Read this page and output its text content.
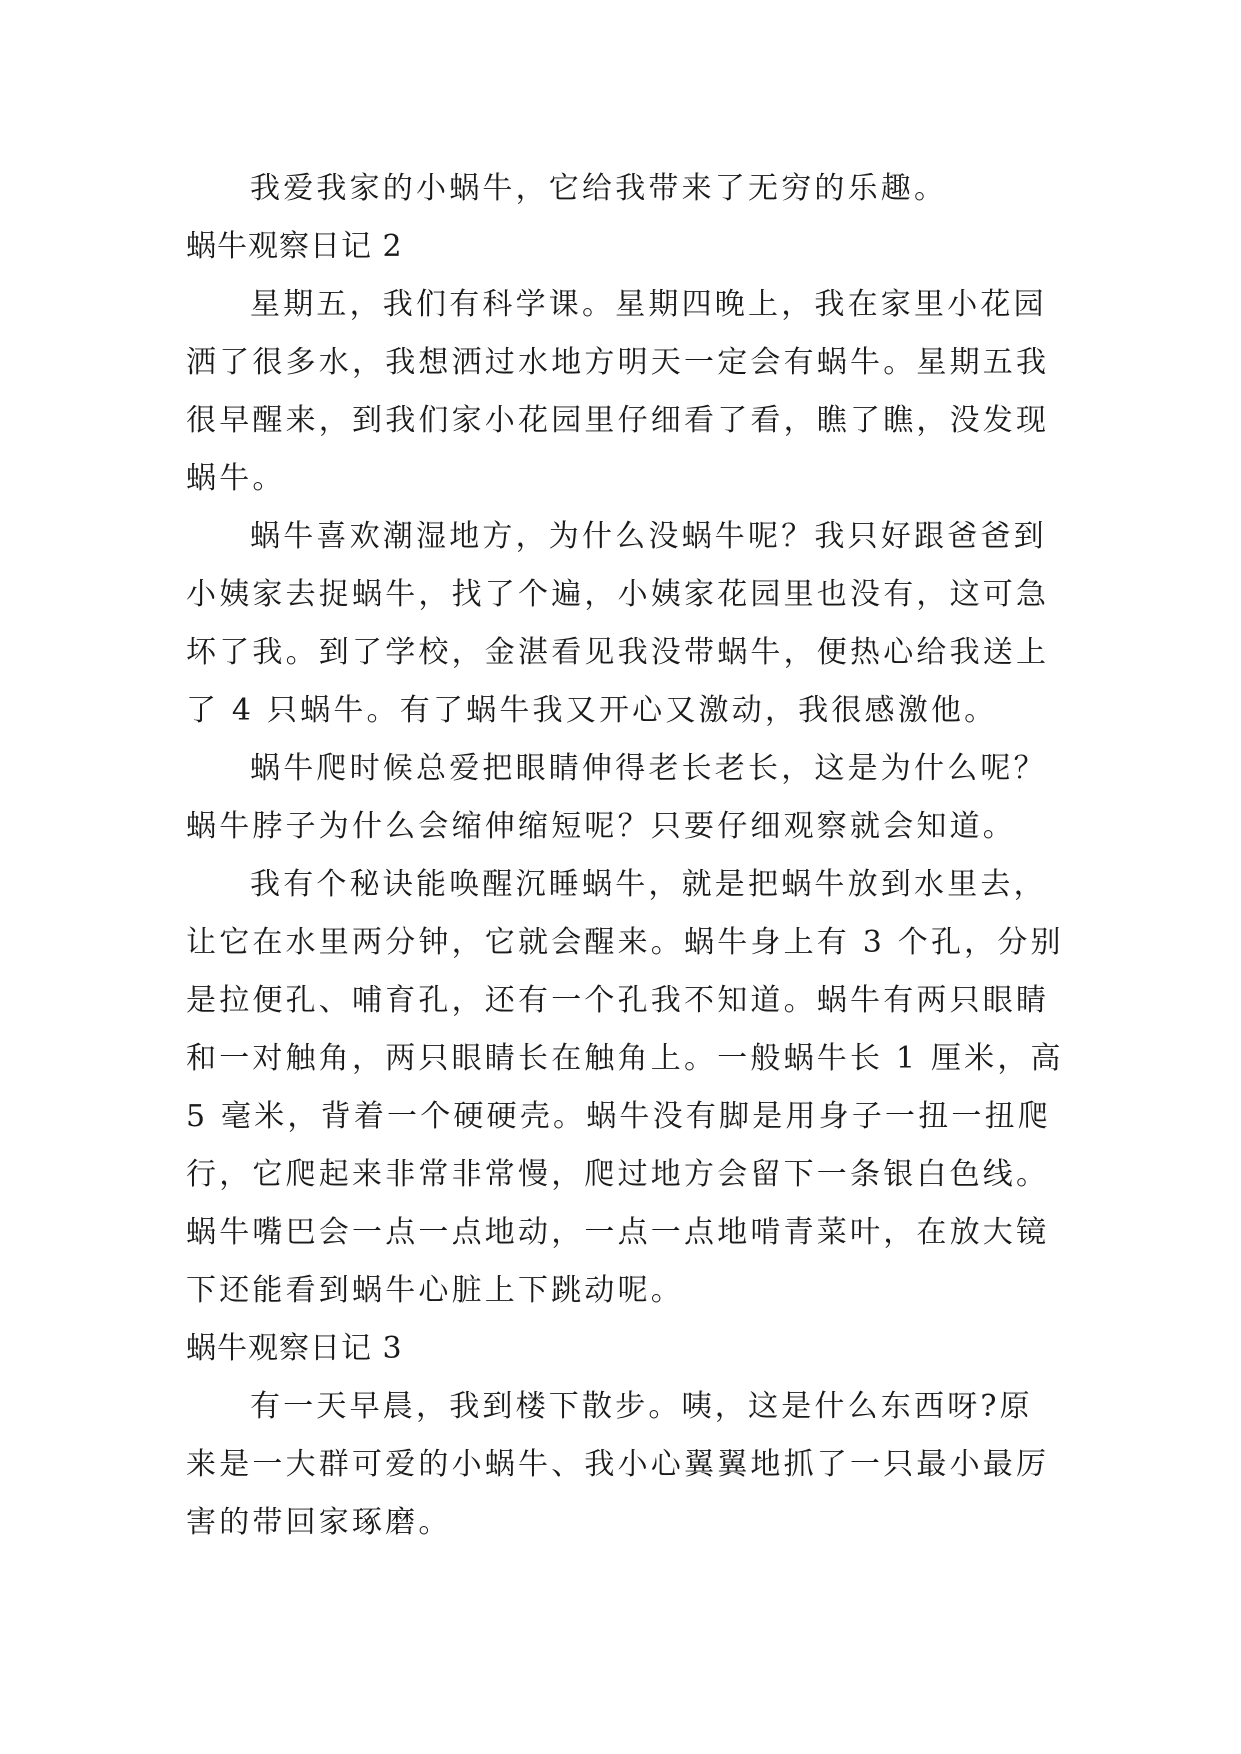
我爱我家的小蜗牛，它给我带来了无穷的乐趣。
蜗牛观察日记 2
星期五，我们有科学课。星期四晚上，我在家里小花园
洒了很多水，我想洒过水地方明天一定会有蜗牛。星期五我
很早醒来，到我们家小花园里仔细看了看，瞧了瞧，没发现
蜗牛。
蜗牛喜欢潮湿地方，为什么没蜗牛呢？我只好跟爸爸到
小姨家去捉蜗牛，找了个遍，小姨家花园里也没有，这可急
坏了我。到了学校，金湛看见我没带蜗牛，便热心给我送上
了 4 只蜗牛。有了蜗牛我又开心又激动，我很感激他。
蜗牛爬时候总爱把眼睛伸得老长老长，这是为什么呢？
蜗牛脖子为什么会缩伸缩短呢？只要仔细观察就会知道。
我有个秘诀能唤醒沉睡蜗牛，就是把蜗牛放到水里去，
让它在水里两分钟，它就会醒来。蜗牛身上有 3 个孔，分别
是拉便孔、哺育孔，还有一个孔我不知道。蜗牛有两只眼睛
和一对触角，两只眼睛长在触角上。一般蜗牛长 1 厘米，高
5 毫米，背着一个硬硬壳。蜗牛没有脚是用身子一扭一扭爬
行，它爬起来非常非常慢，爬过地方会留下一条银白色线。
蜗牛嘴巴会一点一点地动，一点一点地啃青菜叶，在放大镜
下还能看到蜗牛心脏上下跳动呢。
蜗牛观察日记 3
有一天早晨，我到楼下散步。咦，这是什么东西呀?原
来是一大群可爱的小蜗牛、我小心翼翼地抓了一只最小最厉
害的带回家琢磨。
